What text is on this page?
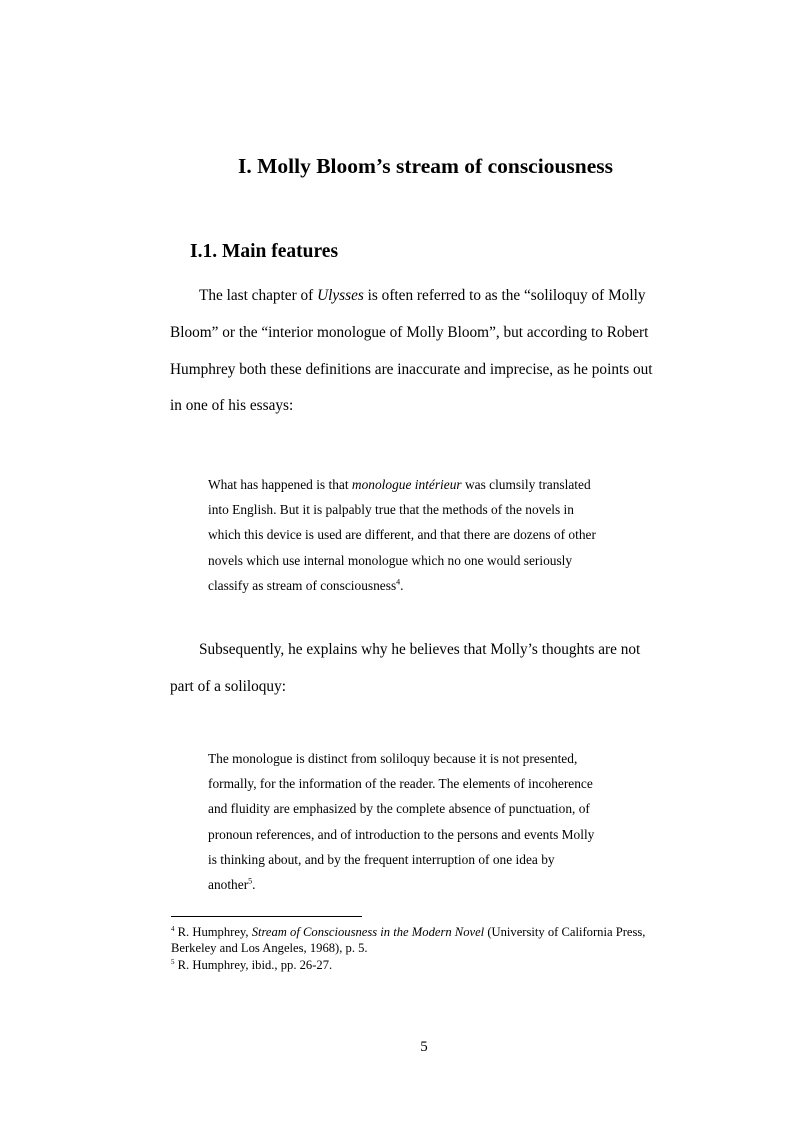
I. Molly Bloom’s stream of consciousness
I.1. Main features
The last chapter of Ulysses is often referred to as the “soliloquy of Molly
Bloom” or the “interior monologue of Molly Bloom”, but according to Robert
Humphrey both these definitions are inaccurate and imprecise, as he points out
in one of his essays:
What has happened is that monologue intérieur was clumsily translated
into English. But it is palpably true that the methods of the novels in
which this device is used are different, and that there are dozens of other
novels which use internal monologue which no one would seriously
classify as stream of consciousness$^4$.
Subsequently, he explains why he believes that Molly’s thoughts are not
part of a soliloquy:
The monologue is distinct from soliloquy because it is not presented,
formally, for the information of the reader. The elements of incoherence
and fluidity are emphasized by the complete absence of punctuation, of
pronoun references, and of introduction to the persons and events Molly
is thinking about, and by the frequent interruption of one idea by
another$^5$.
$^4$ R. Humphrey, Stream of Consciousness in the Modern Novel (University of California Press,
Berkeley and Los Angeles, 1968), p. 5.
$^5$ R. Humphrey, ibid., pp. 26-27.
5
